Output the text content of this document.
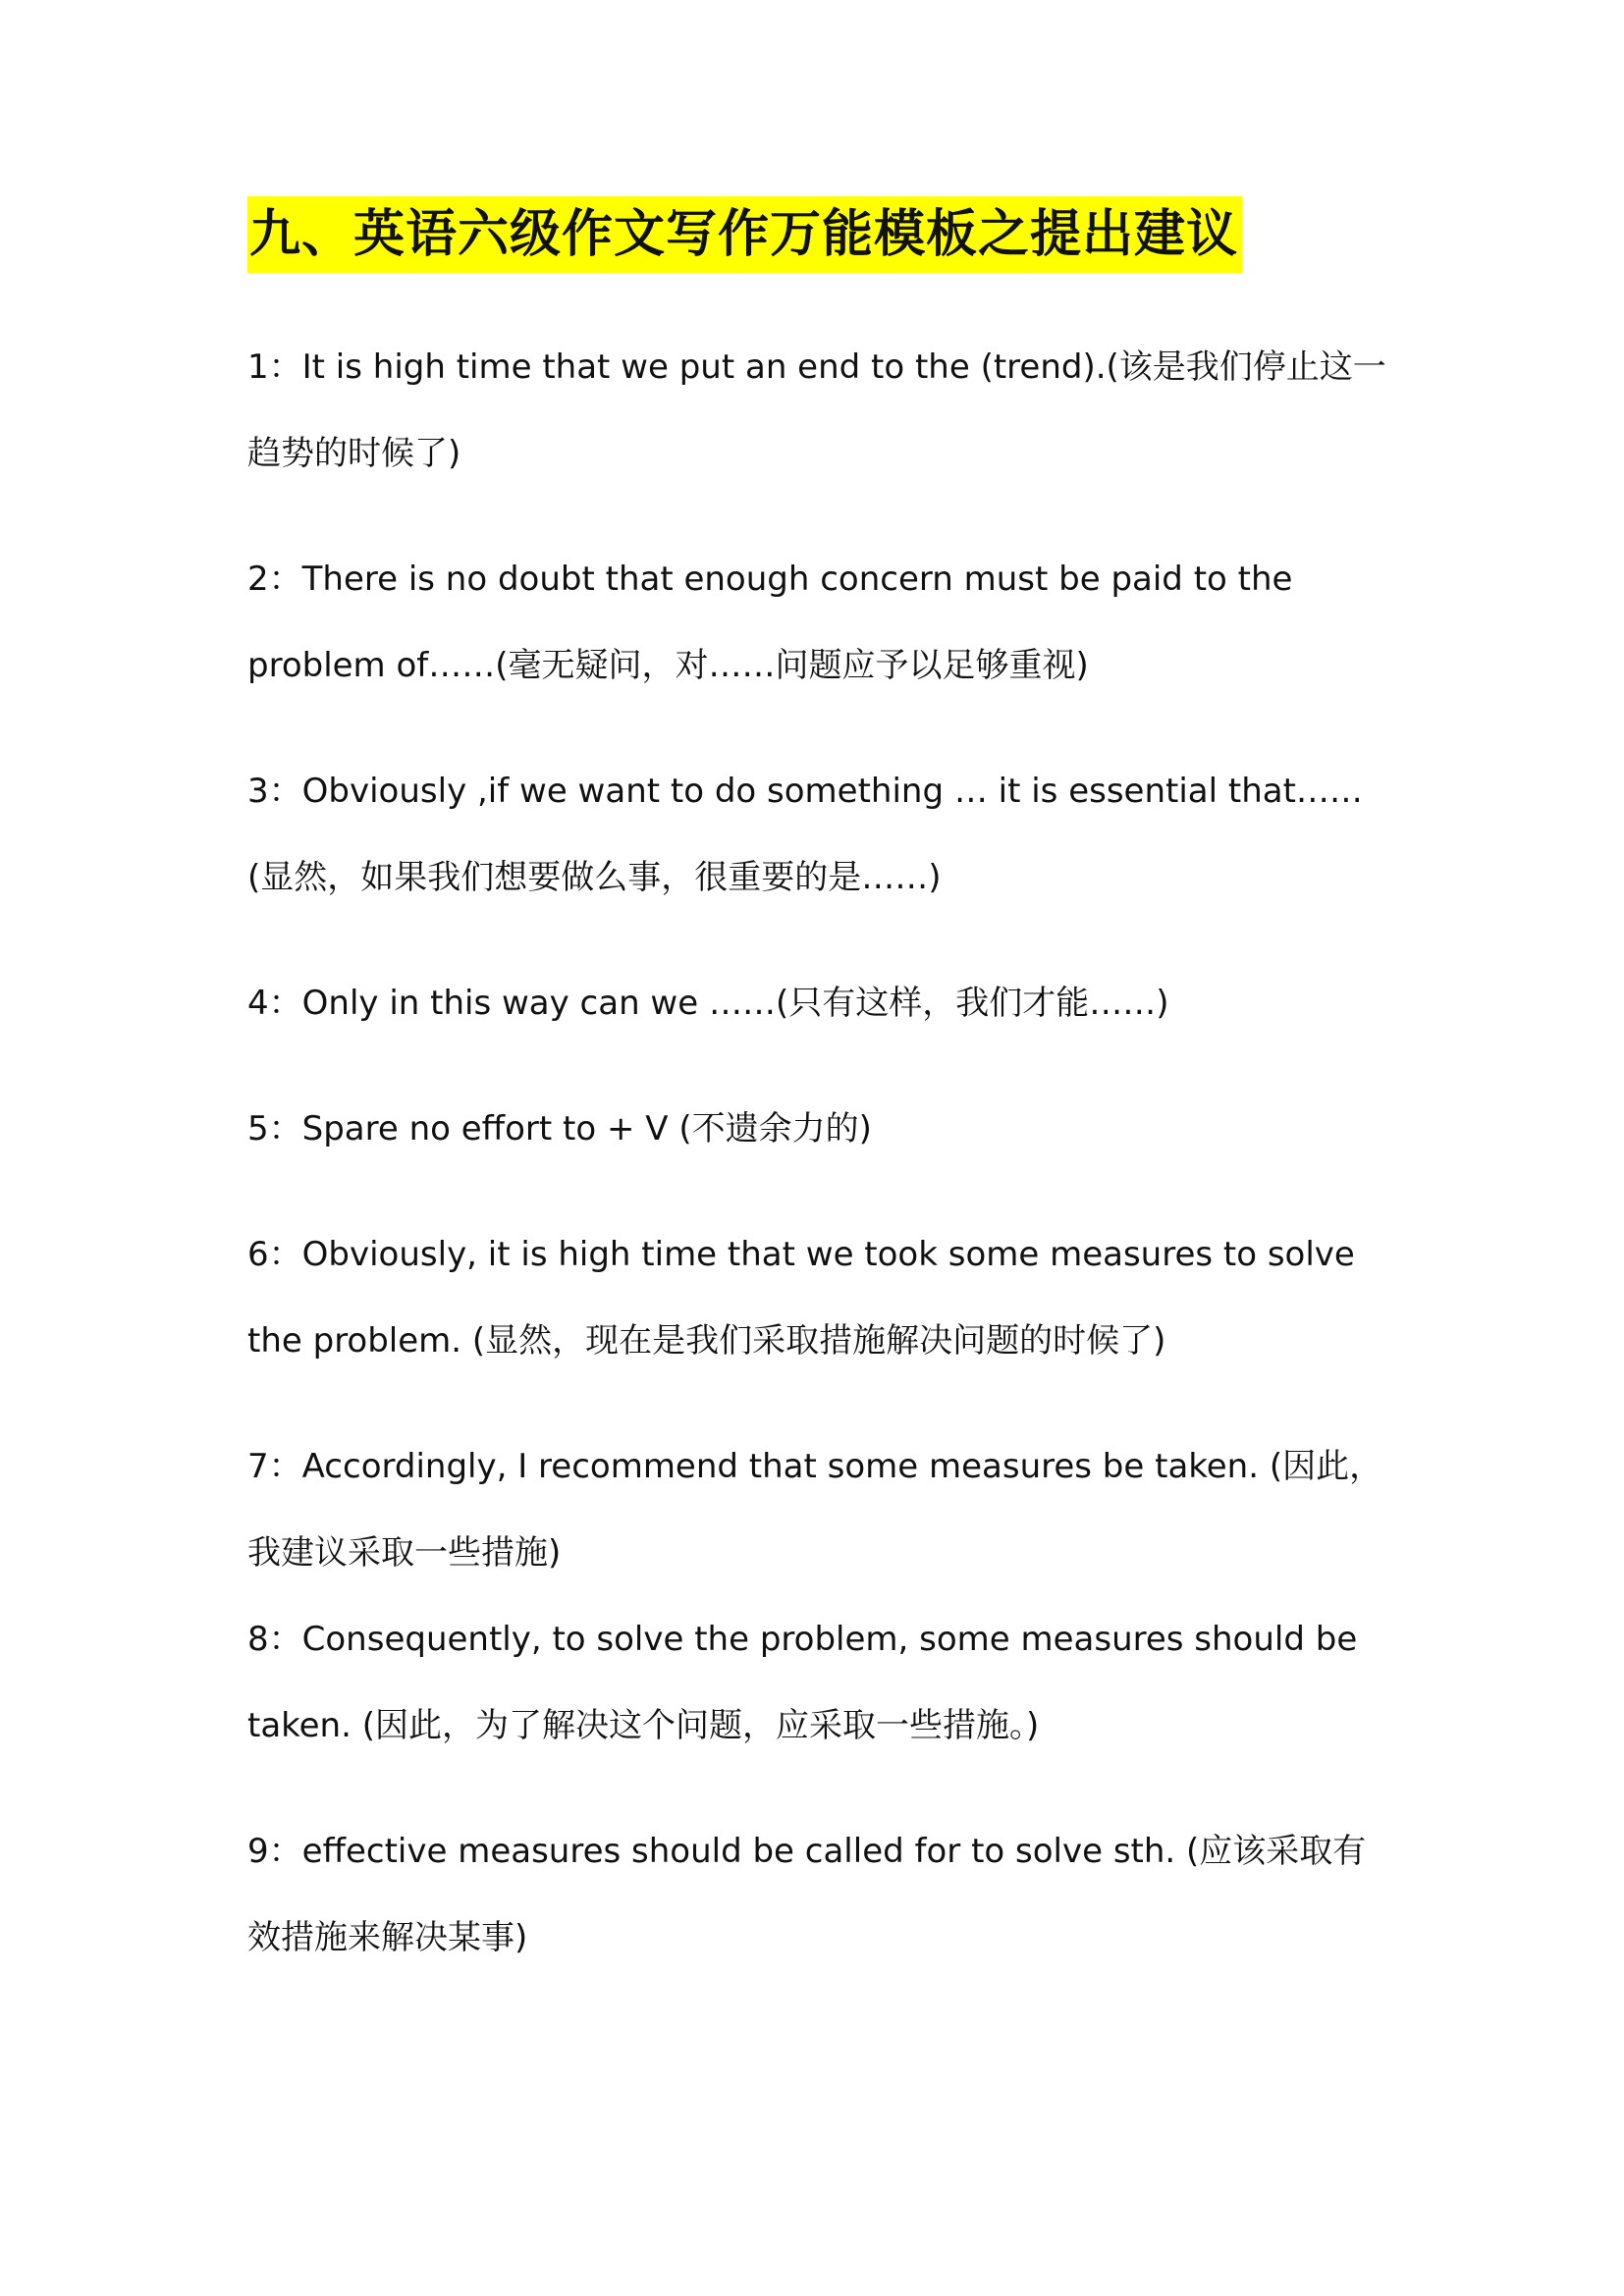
九、英语六级作文写作万能模板之提出建议

1：It is high time that we put an end to the (trend).(该是我们停止这一趋势的时候了)

2：There is no doubt that enough concern must be paid to the problem of……(毫无疑问，对……问题应予以足够重视)

3：Obviously ,if we want to do something … it is essential that……(显然，如果我们想要做么事，很重要的是……)

4：Only in this way can we ……(只有这样，我们才能……)

5：Spare no effort to + V (不遗余力的)

6：Obviously, it is high time that we took some measures to solve the problem. (显然，现在是我们采取措施解决问题的时候了)

7：Accordingly, I recommend that some measures be taken. (因此，我建议采取一些措施)

8：Consequently, to solve the problem, some measures should be taken. (因此，为了解决这个问题，应采取一些措施。)

9：effective measures should be called for to solve sth. (应该采取有效措施来解决某事)
